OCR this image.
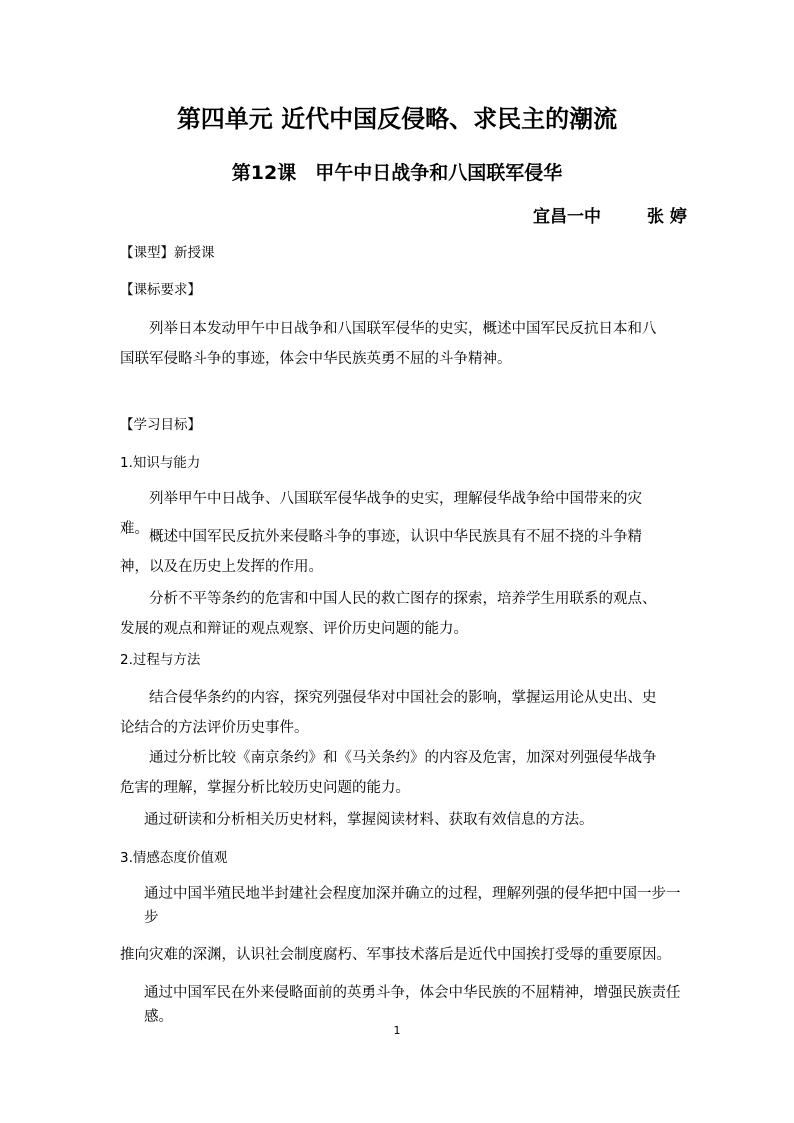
第四单元 近代中国反侵略、求民主的潮流
第12课　甲午中日战争和八国联军侵华
宜昌一中	张 婷
【课型】新授课
【课标要求】
列举日本发动甲午中日战争和八国联军侵华的史实，概述中国军民反抗日本和八国联军侵略斗争的事迹，体会中华民族英勇不屈的斗争精神。
【学习目标】
1.知识与能力
列举甲午中日战争、八国联军侵华战争的史实，理解侵华战争给中国带来的灾难。 概述中国军民反抗外来侵略斗争的事迹，认识中华民族具有不屈不挠的斗争精神，以及在历史上发挥的作用。
分析不平等条约的危害和中国人民的救亡图存的探索，培养学生用联系的观点、发展的观点和辩证的观点观察、评价历史问题的能力。
2.过程与方法
结合侵华条约的内容，探究列强侵华对中国社会的影响，掌握运用论从史出、史论结合的方法评价历史事件。
通过分析比较《南京条约》和《马关条约》的内容及危害，加深对列强侵华战争危害的理解，掌握分析比较历史问题的能力。
通过研读和分析相关历史材料，掌握阅读材料、获取有效信息的方法。
3.情感态度价值观
通过中国半殖民地半封建社会程度加深并确立的过程，理解列强的侵华把中国一步一
步
推向灾难的深渊，认识社会制度腐朽、军事技术落后是近代中国挨打受辱的重要原因。
通过中国军民在外来侵略面前的英勇斗争，体会中华民族的不屈精神，增强民族责任
感。
1
